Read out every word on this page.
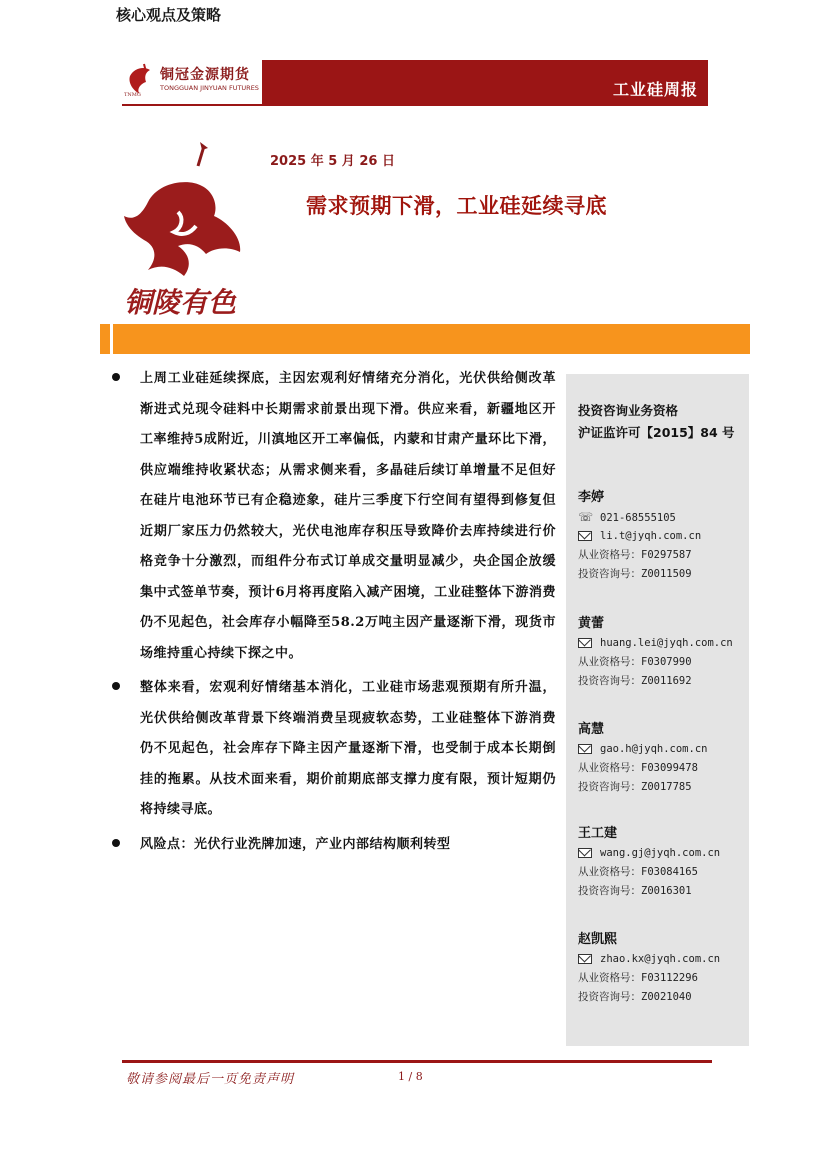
铜冠金源期货
TONGGUAN JINYUAN FUTURES
TNMG	工业硅周报
铜陵有色
2025 年 5 月 26 日
需求预期下滑，工业硅延续寻底
核心观点及策略

上周工业硅延续探底，主因宏观利好情绪充分消化，光伏供给侧改革渐进式兑现令硅料中长期需求前景出现下滑。供应来看，新疆地区开工率维持5成附近，川滇地区开工率偏低，内蒙和甘肃产量环比下滑，供应端维持收紧状态；从需求侧来看，多晶硅后续订单增量不足但好在硅片电池环节已有企稳迹象，硅片三季度下行空间有望得到修复但近期厂家压力仍然较大，光伏电池库存积压导致降价去库持续进行价格竞争十分激烈，而组件分布式订单成交量明显减少，央企国企放缓集中式签单节奏，预计6月将再度陷入减产困境，工业硅整体下游消费仍不见起色，社会库存小幅降至58.2万吨主因产量逐渐下滑，现货市场维持重心持续下探之中。

整体来看，宏观利好情绪基本消化，工业硅市场悲观预期有所升温，光伏供给侧改革背景下终端消费呈现疲软态势，工业硅整体下游消费仍不见起色，社会库存下降主因产量逐渐下滑，也受制于成本长期倒挂的拖累。从技术面来看，期价前期底部支撑力度有限，预计短期仍将持续寻底。

风险点：光伏行业洗牌加速，产业内部结构顺利转型

投资咨询业务资格
沪证监许可【2015】84 号
李婷
☏ 021-68555105
li.t@jyqh.com.cn
从业资格号：F0297587
投资咨询号：Z0011509
黄蕾
huang.lei@jyqh.com.cn
从业资格号：F0307990
投资咨询号：Z0011692
高慧
gao.h@jyqh.com.cn
从业资格号：F03099478
投资咨询号：Z0017785
王工建
wang.gj@jyqh.com.cn
从业资格号：F03084165
投资咨询号：Z0016301
赵凯熙
zhao.kx@jyqh.com.cn
从业资格号：F03112296
投资咨询号：Z0021040
敬请参阅最后一页免责声明	1 / 8
